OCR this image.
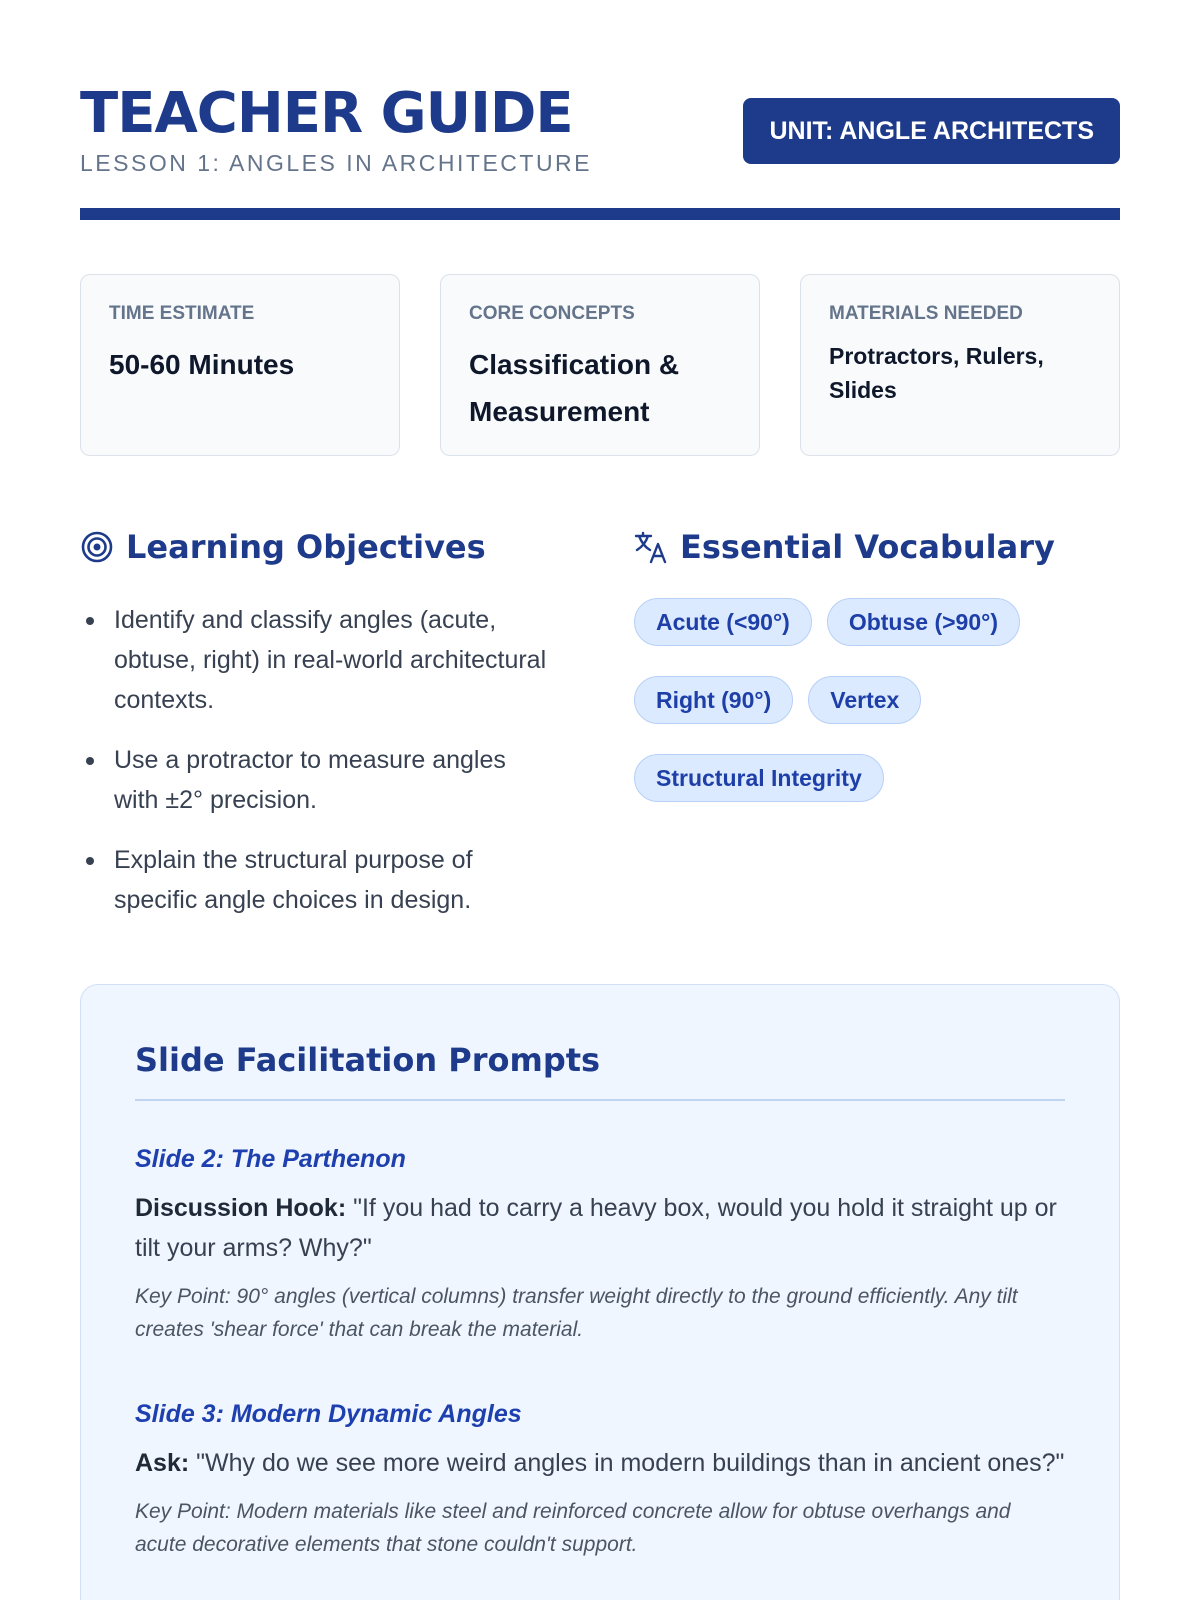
TEACHER GUIDE
LESSON 1: ANGLES IN ARCHITECTURE
UNIT: ANGLE ARCHITECTS
TIME ESTIMATE
50-60 Minutes
CORE CONCEPTS
Classification & Measurement
MATERIALS NEEDED
Protractors, Rulers, Slides
Learning Objectives
Identify and classify angles (acute, obtuse, right) in real-world architectural contexts.
Use a protractor to measure angles with ±2° precision.
Explain the structural purpose of specific angle choices in design.
Essential Vocabulary
Acute (<90°)	Obtuse (>90°)
Right (90°)	Vertex
Structural Integrity
Slide Facilitation Prompts
Slide 2: The Parthenon
Discussion Hook: "If you had to carry a heavy box, would you hold it straight up or tilt your arms? Why?"
Key Point: 90° angles (vertical columns) transfer weight directly to the ground efficiently. Any tilt creates 'shear force' that can break the material.
Slide 3: Modern Dynamic Angles
Ask: "Why do we see more weird angles in modern buildings than in ancient ones?"
Key Point: Modern materials like steel and reinforced concrete allow for obtuse overhangs and acute decorative elements that stone couldn't support.
